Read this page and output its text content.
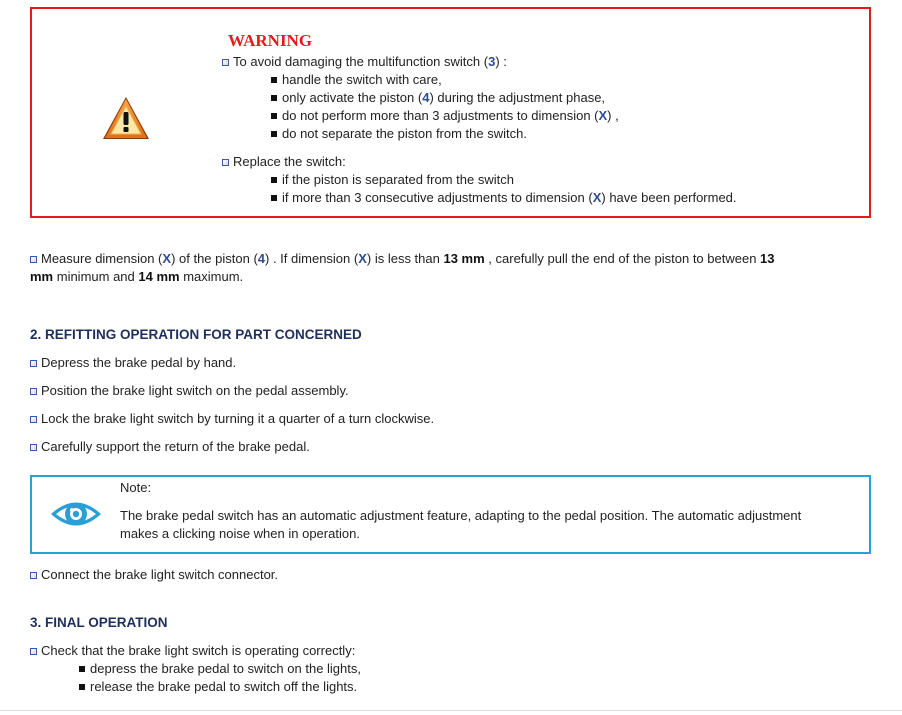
WARNING
To avoid damaging the multifunction switch (3) :
handle the switch with care,
only activate the piston (4) during the adjustment phase,
do not perform more than 3 adjustments to dimension (X) ,
do not separate the piston from the switch.
Replace the switch:
if the piston is separated from the switch
if more than 3 consecutive adjustments to dimension (X) have been performed.
Measure dimension (X) of the piston (4) . If dimension (X) is less than 13 mm , carefully pull the end of the piston to between 13
mm minimum and 14 mm maximum.
2. REFITTING OPERATION FOR PART CONCERNED
Depress the brake pedal by hand.
Position the brake light switch on the pedal assembly.
Lock the brake light switch by turning it a quarter of a turn clockwise.
Carefully support the return of the brake pedal.
Note:
The brake pedal switch has an automatic adjustment feature, adapting to the pedal position. The automatic adjustment
makes a clicking noise when in operation.
Connect the brake light switch connector.
3. FINAL OPERATION
Check that the brake light switch is operating correctly:
depress the brake pedal to switch on the lights,
release the brake pedal to switch off the lights.
